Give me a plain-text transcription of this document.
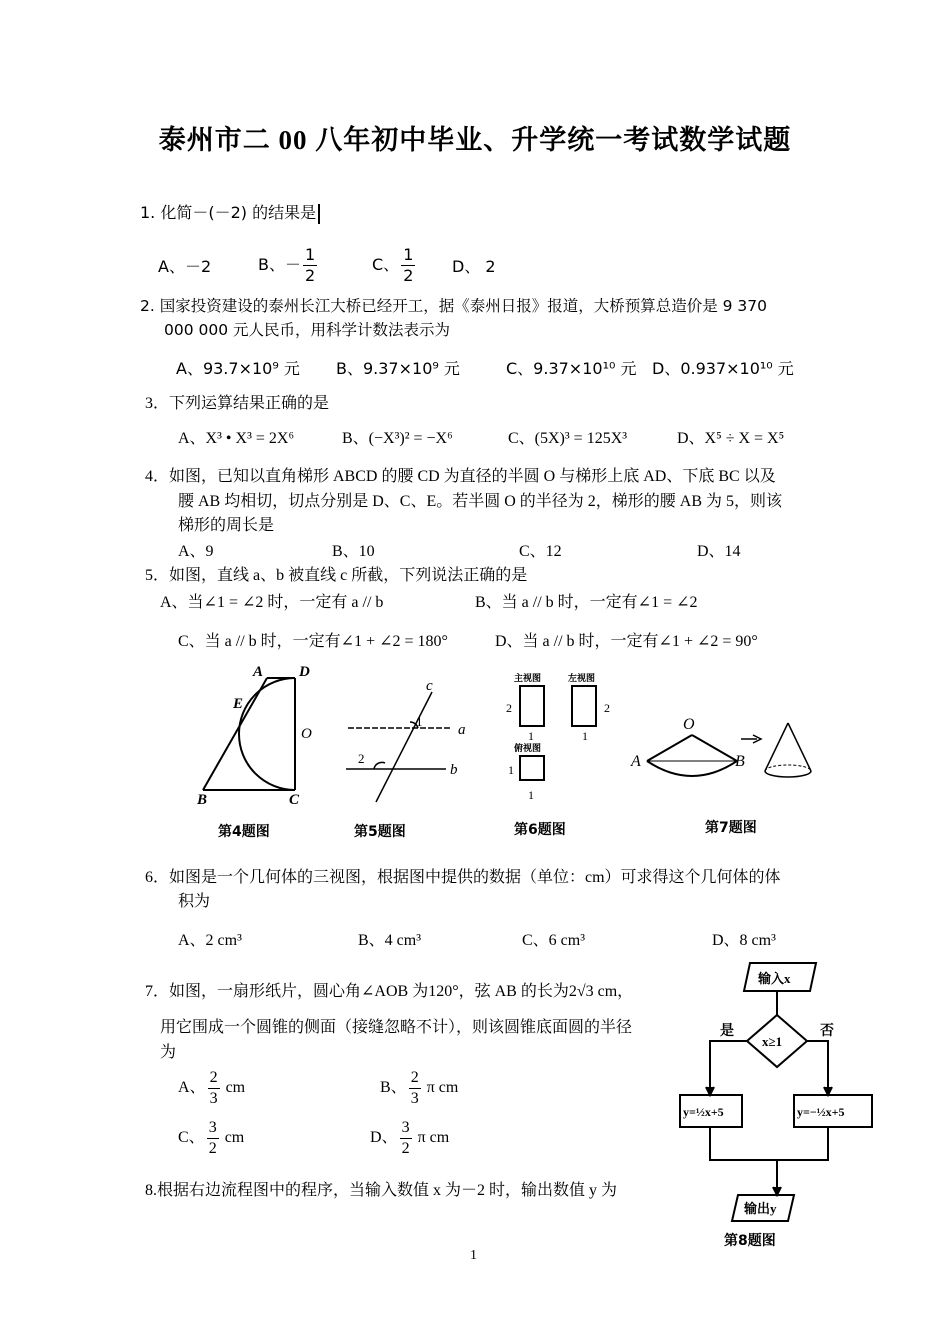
泰州市二 00 八年初中毕业、升学统一考试数学试题
1. 化简－(－2) 的结果是
A、－2	B、－ $\frac{1}{2}$	C、 $\frac{1}{2}$ D、 2
2. 国家投资建设的泰州长江大桥已经开工，据《泰州日报》报道，大桥预算总造价是 9 370
000 000 元人民币，用科学计数法表示为
A、93.7×10⁹ 元 B、9.37×10⁹ 元	C、9.37×10¹⁰ 元 D、0.937×10¹⁰ 元
3．下列运算结果正确的是
A、X³ • X³ = 2X⁶	B、(−X³)² = −X⁶	C、(5X)³ = 125X³	D、X⁵ ÷ X = X⁵
4．如图，已知以直角梯形 ABCD 的腰 CD 为直径的半圆 O 与梯形上底 AD、下底 BC 以及
腰 AB 均相切，切点分别是 D、C、E。若半圆 O 的半径为 2，梯形的腰 AB 为 5，则该
梯形的周长是
A、9	B、10	C、12	D、14
5．如图，直线 a、b 被直线 c 所截，下列说法正确的是
A、当∠1 = ∠2 时，一定有 a // b	B、当 a // b 时，一定有∠1 = ∠2
C、当 a // b 时，一定有∠1 + ∠2 = 180°	D、当 a // b 时，一定有∠1 + ∠2 = 90°
A D
E
O
B	C
第4题图
c
1
a
2
b
第5题图
主视图	左视图
俯视图
2
1
2
1
1
1
第6题图
O
A	B
第7题图
6．如图是一个几何体的三视图，根据图中提供的数据（单位：cm）可求得这个几何体的体
积为
A、2 cm³	B、4 cm³	C、6 cm³	D、8 cm³
7．如图，一扇形纸片，圆心角∠AOB 为120°，弦 AB 的长为2√3 cm，
用它围成一个圆锥的侧面（接缝忽略不计），则该圆锥底面圆的半径
为
A、 $\frac{2}{3}$ cm	B、 $\frac{2}{3}$ π cm
C、 $\frac{3}{2}$ cm	D、 $\frac{3}{2}$ π cm
8.根据右边流程图中的程序，当输入数值 x 为－2 时，输出数值 y 为
输入x
x≥1
是	否
y=½x+5	y=−½x+5
输出y
第8题图
1
